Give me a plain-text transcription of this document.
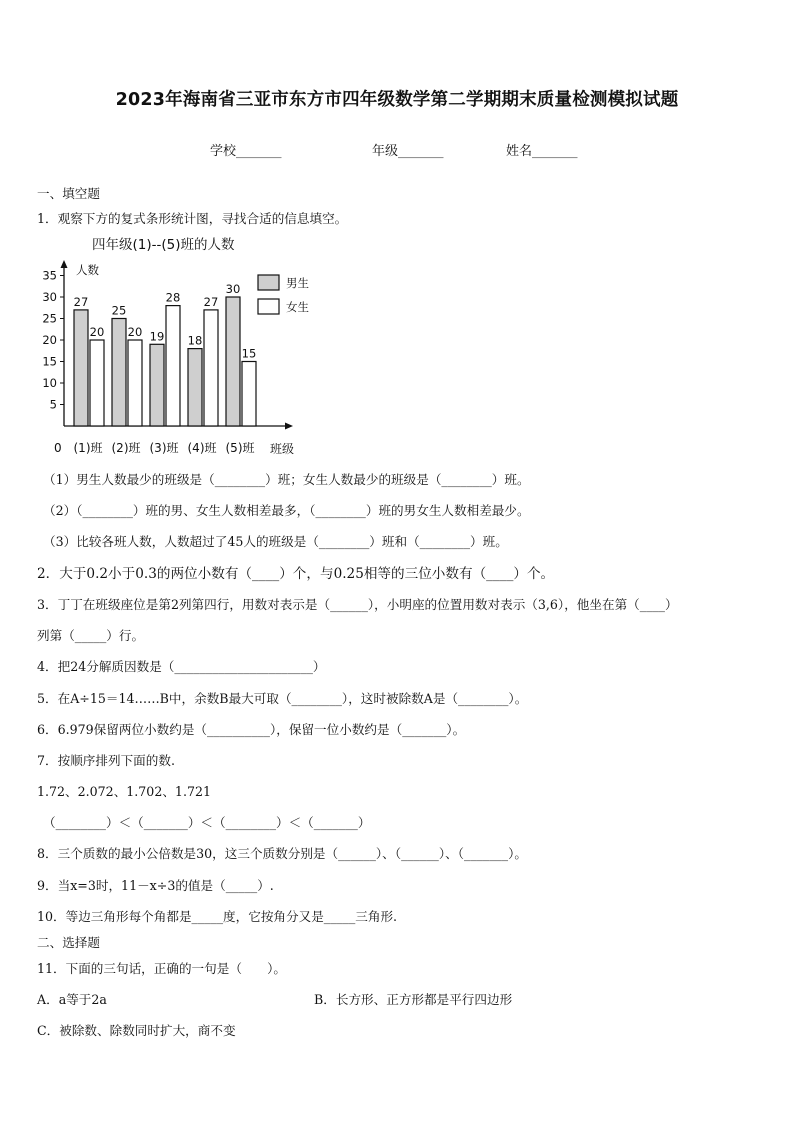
2023年海南省三亚市东方市四年级数学第二学期期末质量检测模拟试题
学校_______	年级_______	姓名_______
一、填空题
1．观察下方的复式条形统计图，寻找合适的信息填空。
四年级(1)--(5)班的人数
人数
班级
0
5
10
15
20
25
30
35
27
20
(1)班
25
20
(2)班
19
28
(3)班
18
27
(4)班
30
15
(5)班
男生
女生
（1）男生人数最少的班级是（________）班；女生人数最少的班级是（________）班。
（2）（________）班的男、女生人数相差最多，（________）班的男女生人数相差最少。
（3）比较各班人数，人数超过了45人的班级是（________）班和（________）班。
2．大于0.2小于0.3的两位小数有（____）个，与0.25相等的三位小数有（____）个。
3．丁丁在班级座位是第2列第四行，用数对表示是（______），小明座的位置用数对表示（3,6），他坐在第（____）
列第（_____）行。
4．把24分解质因数是（______________________）
5．在A÷15＝14……B中，余数B最大可取（________），这时被除数A是（________）。
6．6.979保留两位小数约是（__________），保留一位小数约是（_______）。
7．按顺序排列下面的数.
1.72、2.072、1.702、1.721
（________）＜（_______）＜（________）＜（_______）
8．三个质数的最小公倍数是30，这三个质数分别是（______）、（______）、（_______）。
9．当x=3时，11－x÷3的值是（_____）.
10．等边三角形每个角都是_____度，它按角分又是_____三角形.
二、选择题
11．下面的三句话，正确的一句是（　　）。
A．a等于2a	B．长方形、正方形都是平行四边形
C．被除数、除数同时扩大，商不变
